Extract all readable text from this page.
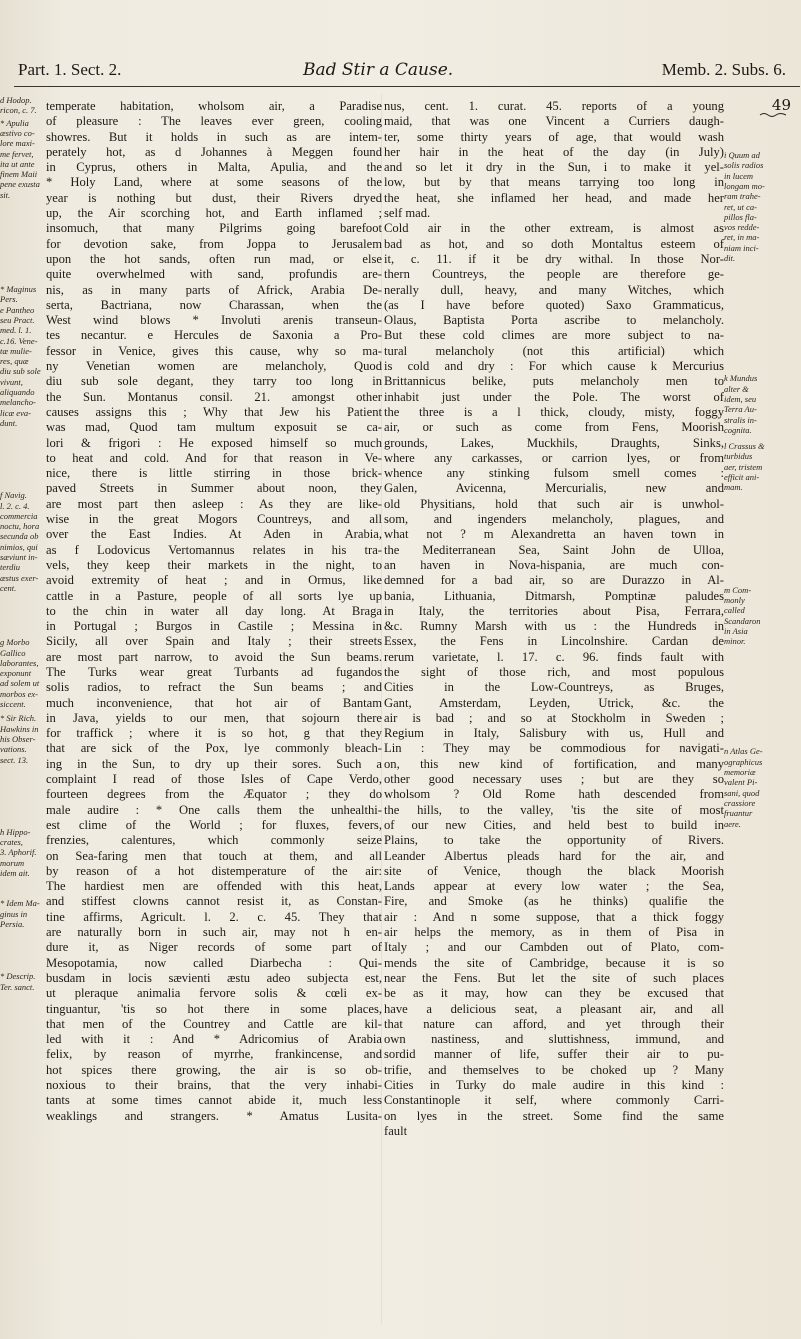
Part. 1. Sect. 2.	Bad Stir a Cause.	Memb. 2. Subs. 6.
49
d Hodop.
ricon, c. 7.
* Apulia
æstivo co-
lore maxi-
me fervet,
ita ut ante
finem Maii
pene exusta
sit.
* Maginus
Pers.
e Pantheo
seu Pract.
med. l. 1.
c.16. Vene-
tæ mulie-
res, quæ
diu sub sole
vivunt,
aliquando
melancho-
licæ eva-
dunt.
f Navig.
l. 2. c. 4.
commercia
noctu, hora
secunda ob
nimios, qui
sæviunt in-
terdiu
æstus exer-
cent.
g Morbo
Gallico
laborantes,
exponunt
ad solem ut
morbos ex-
siccent.
* Sir Rich.
Hawkins in
his Obser-
vations.
sect. 13.
h Hippo-
crates,
3. Aphorif.
morum
idem ait.
* Idem Ma-
ginus in
Persia.
* Descrip.
Ter. sanct.
temperate habitation, wholsom air, a Paradise
of pleasure : The leaves ever green, cooling
showres. But it holds in such as are intem-
perately hot, as d Johannes à Meggen found
in Cyprus, others in Malta, Apulia, and the
* Holy Land, where at some seasons of the
year is nothing but dust, their Rivers dryed
up, the Air scorching hot, and Earth inflamed ;
insomuch, that many Pilgrims going barefoot
for devotion sake, from Joppa to Jerusalem
upon the hot sands, often run mad, or else
quite overwhelmed with sand, profundis are-
nis, as in many parts of Africk, Arabia De-
serta, Bactriana, now Charassan, when the
West wind blows * Involuti arenis transeun-
tes necantur. e Hercules de Saxonia a Pro-
fessor in Venice, gives this cause, why so ma-
ny Venetian women are melancholy, Quod
diu sub sole degant, they tarry too long in
the Sun. Montanus consil. 21. amongst other
causes assigns this ; Why that Jew his Patient
was mad, Quod tam multum exposuit se ca-
lori & frigori : He exposed himself so much
to heat and cold. And for that reason in Ve-
nice, there is little stirring in those brick-
paved Streets in Summer about noon, they
are most part then asleep : As they are like-
wise in the great Mogors Countreys, and all
over the East Indies. At Aden in Arabia,
as f Lodovicus Vertomannus relates in his tra-
vels, they keep their markets in the night, to
avoid extremity of heat ; and in Ormus, like
cattle in a Pasture, people of all sorts lye up
to the chin in water all day long. At Braga
in Portugal ; Burgos in Castile ; Messina in
Sicily, all over Spain and Italy ; their streets
are most part narrow, to avoid the Sun beams.
The Turks wear great Turbants ad fugandos
solis radios, to refract the Sun beams ; and
much inconvenience, that hot air of Bantam
in Java, yields to our men, that sojourn there
for traffick ; where it is so hot, g that they
that are sick of the Pox, lye commonly bleach-
ing in the Sun, to dry up their sores. Such a
complaint I read of those Isles of Cape Verdo,
fourteen degrees from the Æquator ; they do
male audire : * One calls them the unhealthi-
est clime of the World ; for fluxes, fevers,
frenzies, calentures, which commonly seize
on Sea-faring men that touch at them, and all
by reason of a hot distemperature of the air:
The hardiest men are offended with this heat,
and stiffest clowns cannot resist it, as Constan-
tine affirms, Agricult. l. 2. c. 45. They that
are naturally born in such air, may not h en-
dure it, as Niger records of some part of
Mesopotamia, now called Diarbecha : Qui-
busdam in locis sævienti æstu adeo subjecta est,
ut pleraque animalia fervore solis & cœli ex-
tinguantur, 'tis so hot there in some places,
that men of the Countrey and Cattle are kil-
led with it : And * Adricomius of Arabia
felix, by reason of myrrhe, frankincense, and
hot spices there growing, the air is so ob-
noxious to their brains, that the very inhabi-
tants at some times cannot abide it, much less
weaklings and strangers. * Amatus Lusita-
nus, cent. 1. curat. 45. reports of a young
maid, that was one Vincent a Curriers daugh-
ter, some thirty years of age, that would wash
her hair in the heat of the day (in July)
and so let it dry in the Sun, i to make it yel-
low, but by that means tarrying too long in
the heat, she inflamed her head, and made her
self mad.
Cold air in the other extream, is almost as
bad as hot, and so doth Montaltus esteem of
it, c. 11. if it be dry withal. In those Nor-
thern Countreys, the people are therefore ge-
nerally dull, heavy, and many Witches, which
(as I have before quoted) Saxo Grammaticus,
Olaus, Baptista Porta ascribe to melancholy.
But these cold climes are more subject to na-
tural melancholy (not this artificial) which
is cold and dry : For which cause k Mercurius
Brittannicus belike, puts melancholy men to
inhabit just under the Pole. The worst of
the three is a l thick, cloudy, misty, foggy
air, or such as come from Fens, Moorish
grounds, Lakes, Muckhils, Draughts, Sinks,
where any carkasses, or carrion lyes, or from
whence any stinking fulsom smell comes :
Galen, Avicenna, Mercurialis, new and
old Physitians, hold that such air is unwhol-
som, and ingenders melancholy, plagues, and
what not ? m Alexandretta an haven town in
the Mediterranean Sea, Saint John de Ulloa,
an haven in Nova-hispania, are much con-
demned for a bad air, so are Durazzo in Al-
bania, Lithuania, Ditmarsh, Pomptinæ paludes
in Italy, the territories about Pisa, Ferrara,
&c. Rumny Marsh with us : the Hundreds in
Essex, the Fens in Lincolnshire. Cardan de
rerum varietate, l. 17. c. 96. finds fault with
the sight of those rich, and most populous
Cities in the Low-Countreys, as Bruges,
Gant, Amsterdam, Leyden, Utrick, &c. the
air is bad ; and so at Stockholm in Sweden ;
Regium in Italy, Salisbury with us, Hull and
Lin : They may be commodious for navigati-
on, this new kind of fortification, and many
other good necessary uses ; but are they so
wholsom ? Old Rome hath descended from
the hills, to the valley, 'tis the site of most
of our new Cities, and held best to build in
Plains, to take the opportunity of Rivers.
Leander Albertus pleads hard for the air, and
site of Venice, though the black Moorish
Lands appear at every low water ; the Sea,
Fire, and Smoke (as he thinks) qualifie the
air : And n some suppose, that a thick foggy
air helps the memory, as in them of Pisa in
Italy ; and our Cambden out of Plato, com-
mends the site of Cambridge, because it is so
near the Fens. But let the site of such places
be as it may, how can they be excused that
have a delicious seat, a pleasant air, and all
that nature can afford, and yet through their
own nastiness, and sluttishness, immund, and
sordid manner of life, suffer their air to pu-
trifie, and themselves to be choked up ? Many
Cities in Turky do male audire in this kind :
Constantinople it self, where commonly Carri-
on lyes in the street. Some find the same
fault
i Quum ad
solis radios
in lucem
longam mo-
ram trahe-
ret, ut ca-
pillos fla-
vos redde-
ret, in ma-
niam inci-
dit.
k Mundus
alter &
idem, seu
Terra Au-
stralis in-
cognita.
l Crassus &
turbidus
aer, tristem
efficit ani-
mam.
m Com-
monly
called
Scandaron
in Asia
minor.
n Atlas Ge-
ographicus
memoriæ
valent Pi-
sani, quod
crassiore
fruantur
aere.
